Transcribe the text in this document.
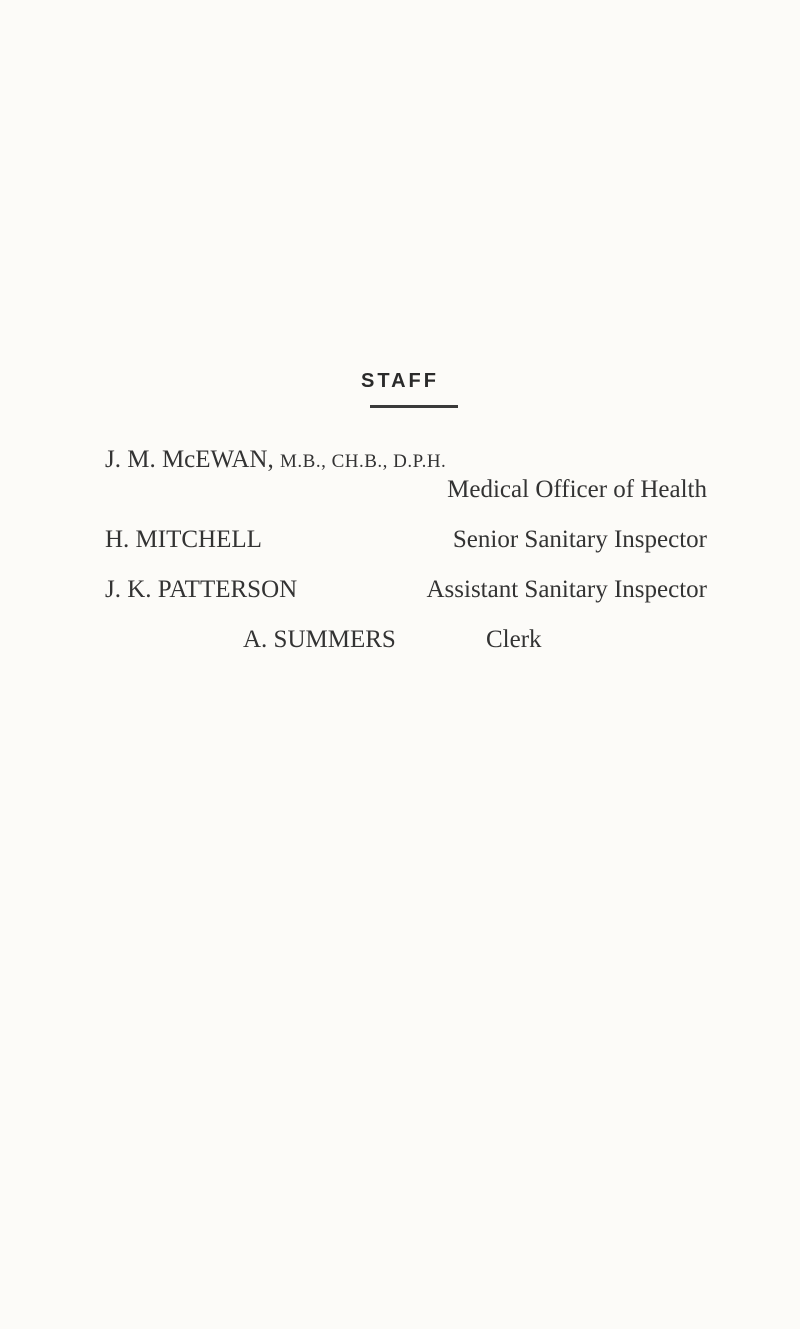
STAFF
J. M. McEWAN, M.B., CH.B., D.P.H.
Medical Officer of Health
H. MITCHELL	Senior Sanitary Inspector
J. K. PATTERSON	Assistant Sanitary Inspector
A. SUMMERS	Clerk
